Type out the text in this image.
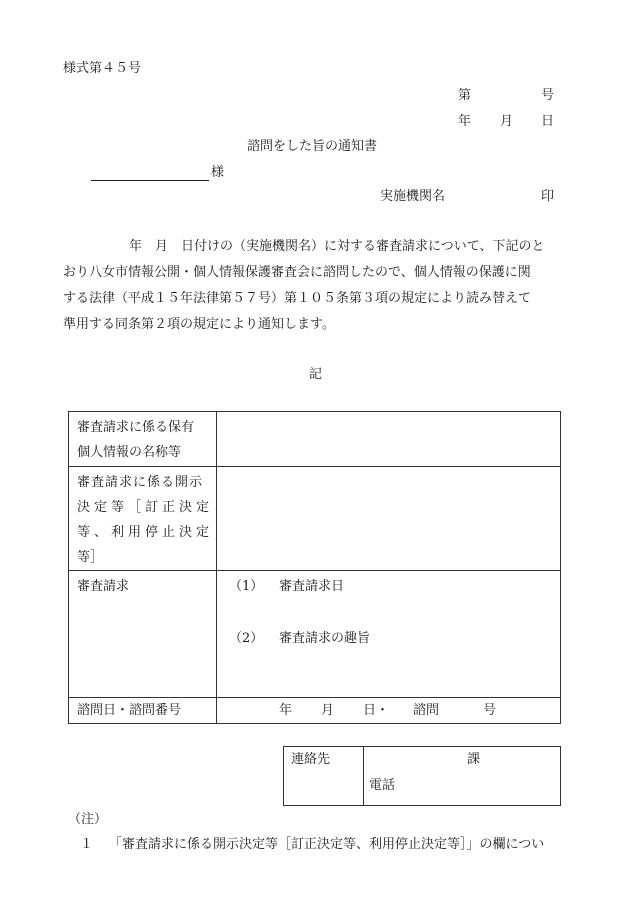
様式第４５号
第	号
年 月 日
諮問をした旨の通知書
様
実施機関名	印
年　月　日付けの（実施機関名）に対する審査請求について、下記のと
おり八女市情報公開・個人情報保護審査会に諮問したので、個人情報の保護に関
する法律（平成１５年法律第５７号）第１０５条第３項の規定により読み替えて
準用する同条第２項の規定により通知します。
記
審査請求に係る保有
個人情報の名称等	

審査請求に係る開示
決定等［訂正決定
等、利用停止決定
等］	

審査請求	（1） 審査請求日
（2） 審査請求の趣旨

諮問日・諮問番号	年 月 日・ 諮問 号
連絡先	課
電話
（注）
１ 「審査請求に係る開示決定等［訂正決定等、利用停止決定等］」の欄につい
